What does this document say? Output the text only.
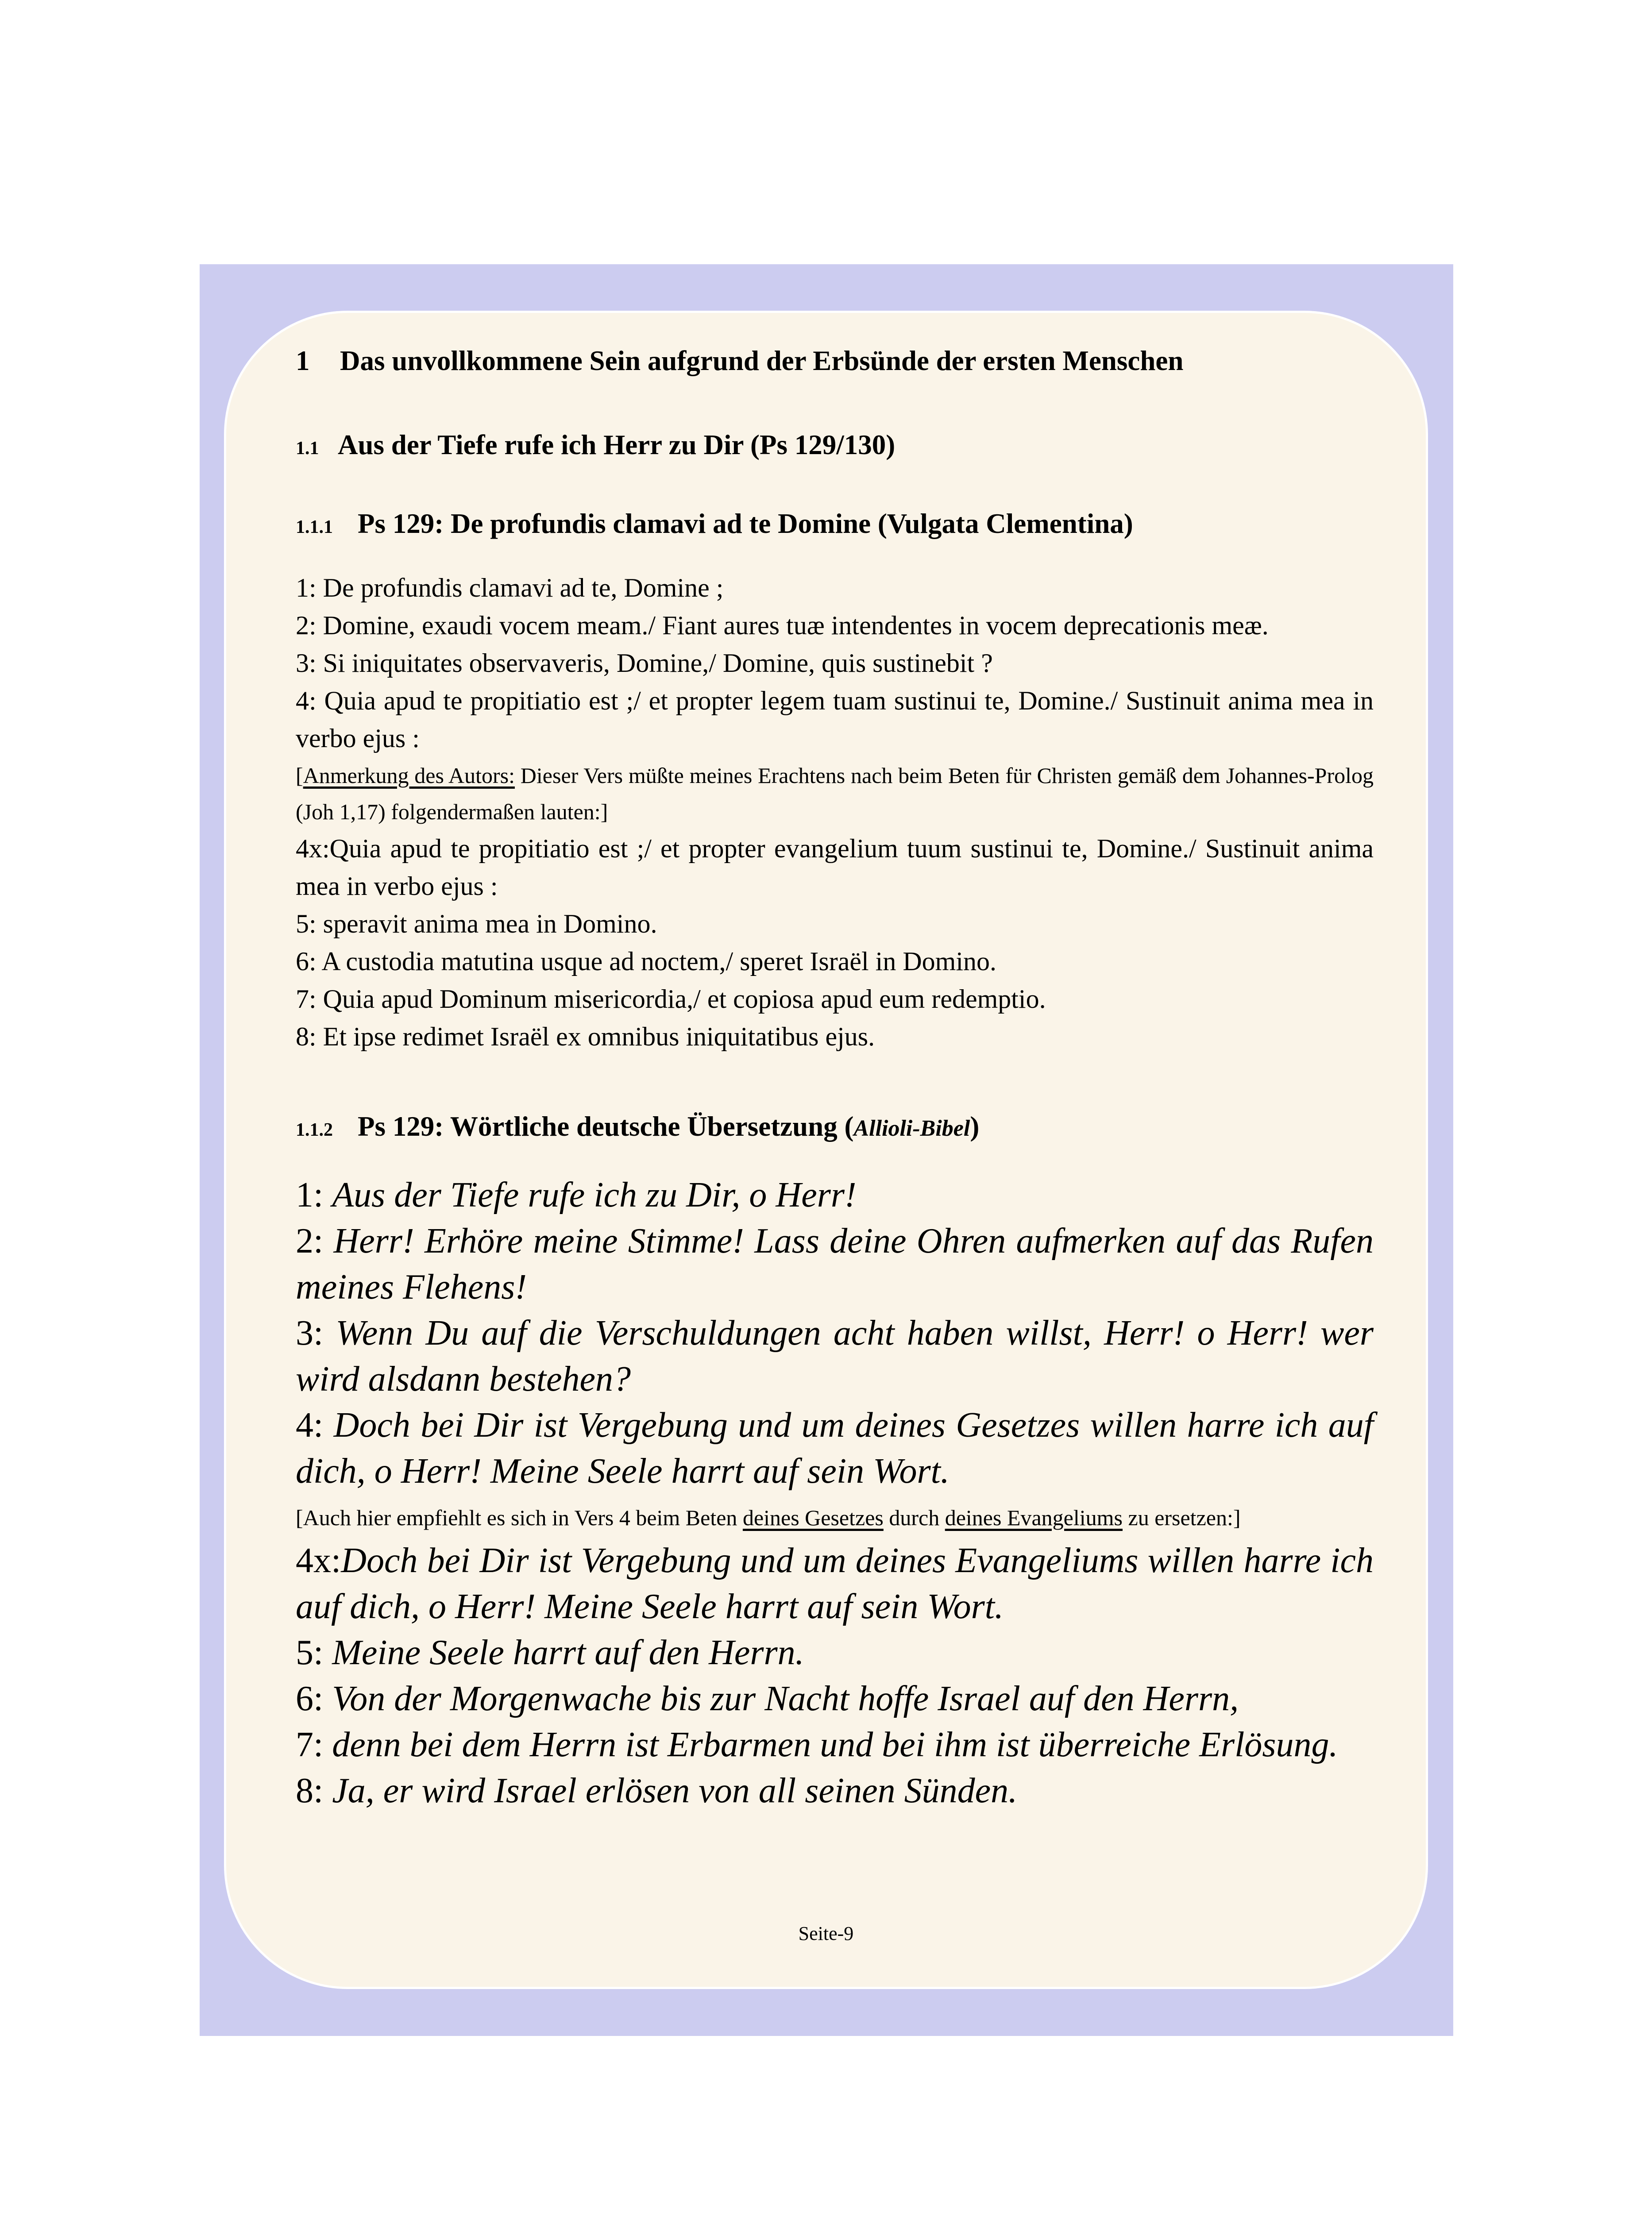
1 Das unvollkommene Sein aufgrund der Erbsünde der ersten Menschen
1.1 Aus der Tiefe rufe ich Herr zu Dir (Ps 129/130)
1.1.1 Ps 129: De profundis clamavi ad te Domine (Vulgata Clementina)

1: De profundis clamavi ad te, Domine ;

2: Domine, exaudi vocem meam./ Fiant aures tuæ intendentes in vocem deprecationis meæ.

3: Si iniquitates observaveris, Domine,/ Domine, quis sustinebit ?

4: Quia apud te propitiatio est ;/ et propter legem tuam sustinui te, Domine./ Sustinuit anima mea in verbo ejus :

[Anmerkung des Autors: Dieser Vers müßte meines Erachtens nach beim Beten für Christen gemäß dem Johannes-Prolog (Joh 1,17) folgendermaßen lauten:]

4x:Quia apud te propitiatio est ;/ et propter evangelium tuum sustinui te, Domine./ Sustinuit anima mea in verbo ejus :

5: speravit anima mea in Domino.

6: A custodia matutina usque ad noctem,/ speret Israël in Domino.

7: Quia apud Dominum misericordia,/ et copiosa apud eum redemptio.

8: Et ipse redimet Israël ex omnibus iniquitatibus ejus.

1.1.2 Ps 129: Wörtliche deutsche Übersetzung (Allioli-Bibel)

1: Aus der Tiefe rufe ich zu Dir, o Herr!

2: Herr! Erhöre meine Stimme! Lass deine Ohren aufmerken auf das Rufen meines Flehens!

3: Wenn Du auf die Verschuldungen acht haben willst, Herr! o Herr! wer wird alsdann bestehen?

4: Doch bei Dir ist Vergebung und um deines Gesetzes willen harre ich auf dich, o Herr! Meine Seele harrt auf sein Wort.

[Auch hier empfiehlt es sich in Vers 4 beim Beten deines Gesetzes durch deines Evangeliums zu ersetzen:]

4x:Doch bei Dir ist Vergebung und um deines Evangeliums willen harre ich auf dich, o Herr! Meine Seele harrt auf sein Wort.

5: Meine Seele harrt auf den Herrn.

6: Von der Morgenwache bis zur Nacht hoffe Israel auf den Herrn,

7: denn bei dem Herrn ist Erbarmen und bei ihm ist überreiche Erlösung.

8: Ja, er wird Israel erlösen von all seinen Sünden.

Seite-9
